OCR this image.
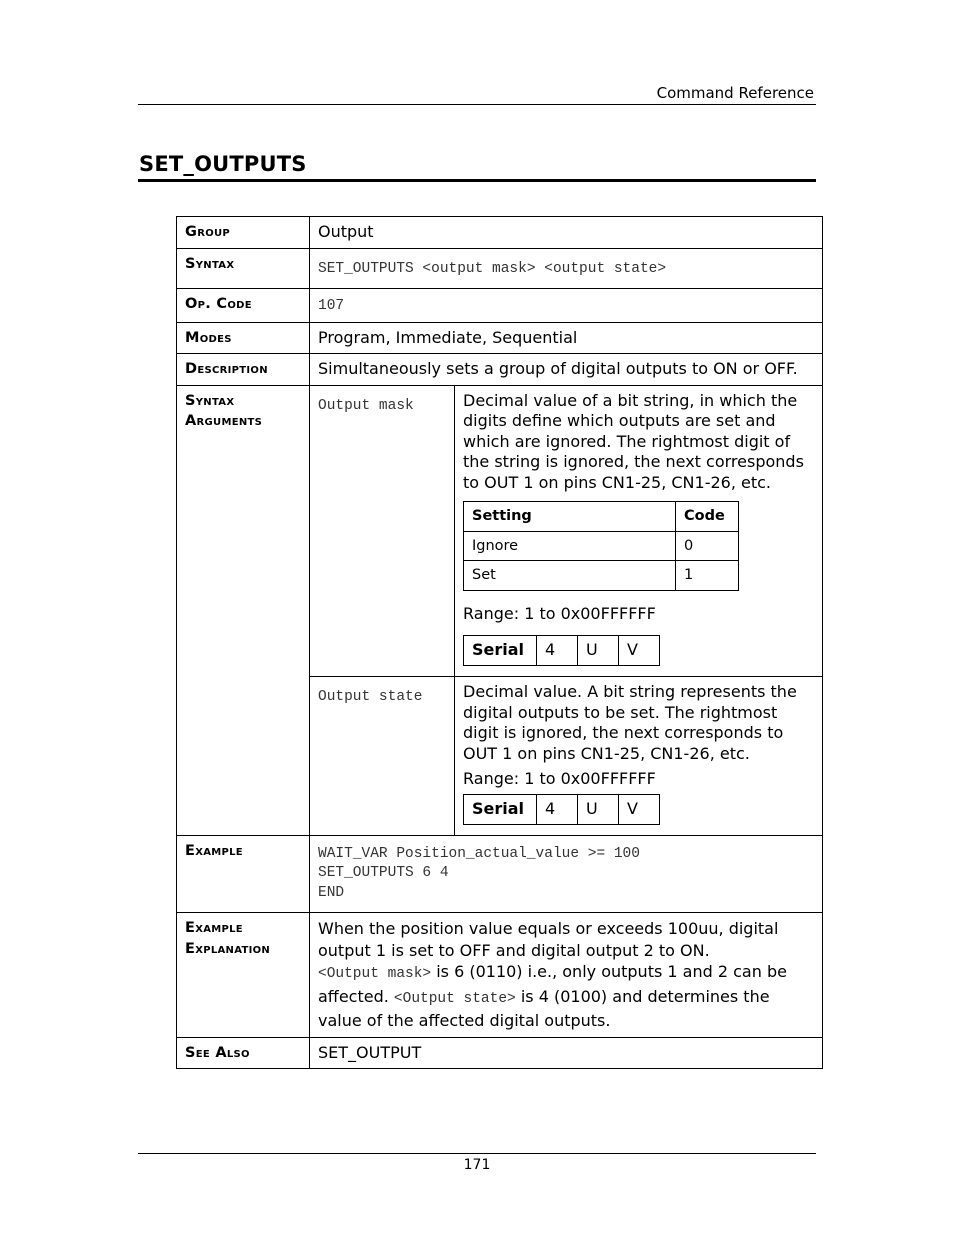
Command Reference
SET_OUTPUTS
Group	Output
Syntax	SET_OUTPUTS <output mask> <output state>
Op. Code	107
Modes	Program, Immediate, Sequential
Description	Simultaneously sets a group of digital outputs to ON or OFF.

Syntax
Arguments
	Output mask	Decimal value of a bit string, in which the digits define which outputs are set and which are ignored. The rightmost digit of the string is ignored, the next corresponds to OUT 1 on pins CN1-25, CN1-26, etc.
Setting	Code
Ignore	0
Set	1
Range: 1 to 0x00FFFFFF
Serial	4	U	V

Output state	Decimal value. A bit string represents the digital outputs to be set. The rightmost digit is ignored, the next corresponds to OUT 1 on pins CN1-25, CN1-26, etc.
Range: 1 to 0x00FFFFFF
Serial	4	U	V

Example	WAIT_VAR Position_actual_value >= 100
SET_OUTPUTS 6 4
END

Example
Explanation
	When the position value equals or exceeds 100uu, digital output 1 is set to OFF and digital output 2 to ON.
<Output mask> is 6 (0110) i.e., only outputs 1 and 2 can be affected. <Output state> is 4 (0100) and determines the value of the affected digital outputs.
See Also	SET_OUTPUT
171
